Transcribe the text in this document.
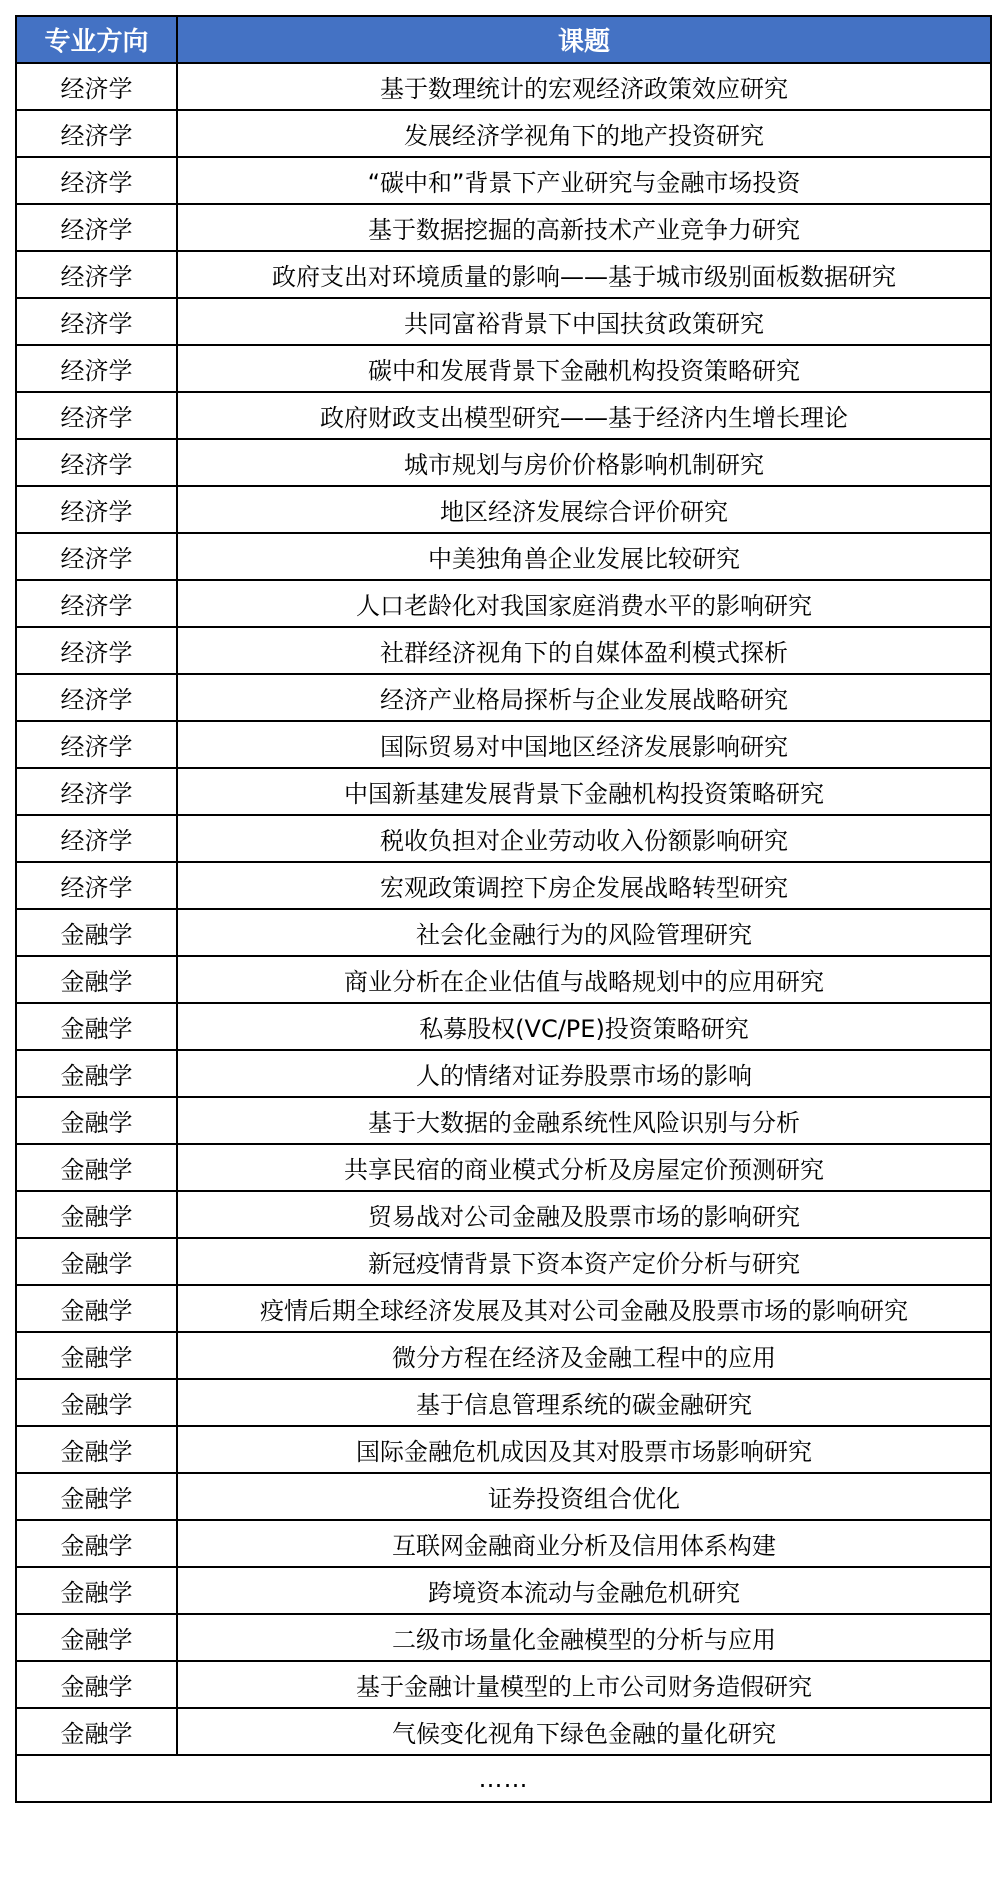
专业方向	课题
经济学	基于数理统计的宏观经济政策效应研究
经济学	发展经济学视角下的地产投资研究
经济学	“碳中和”背景下产业研究与金融市场投资
经济学	基于数据挖掘的高新技术产业竞争力研究
经济学	政府支出对环境质量的影响——基于城市级别面板数据研究
经济学	共同富裕背景下中国扶贫政策研究
经济学	碳中和发展背景下金融机构投资策略研究
经济学	政府财政支出模型研究——基于经济内生增长理论
经济学	城市规划与房价价格影响机制研究
经济学	地区经济发展综合评价研究
经济学	中美独角兽企业发展比较研究
经济学	人口老龄化对我国家庭消费水平的影响研究
经济学	社群经济视角下的自媒体盈利模式探析
经济学	经济产业格局探析与企业发展战略研究
经济学	国际贸易对中国地区经济发展影响研究
经济学	中国新基建发展背景下金融机构投资策略研究
经济学	税收负担对企业劳动收入份额影响研究
经济学	宏观政策调控下房企发展战略转型研究
金融学	社会化金融行为的风险管理研究
金融学	商业分析在企业估值与战略规划中的应用研究
金融学	私募股权(VC/PE)投资策略研究
金融学	人的情绪对证券股票市场的影响
金融学	基于大数据的金融系统性风险识别与分析
金融学	共享民宿的商业模式分析及房屋定价预测研究
金融学	贸易战对公司金融及股票市场的影响研究
金融学	新冠疫情背景下资本资产定价分析与研究
金融学	疫情后期全球经济发展及其对公司金融及股票市场的影响研究
金融学	微分方程在经济及金融工程中的应用
金融学	基于信息管理系统的碳金融研究
金融学	国际金融危机成因及其对股票市场影响研究
金融学	证券投资组合优化
金融学	互联网金融商业分析及信用体系构建
金融学	跨境资本流动与金融危机研究
金融学	二级市场量化金融模型的分析与应用
金融学	基于金融计量模型的上市公司财务造假研究
金融学	气候变化视角下绿色金融的量化研究
……	
